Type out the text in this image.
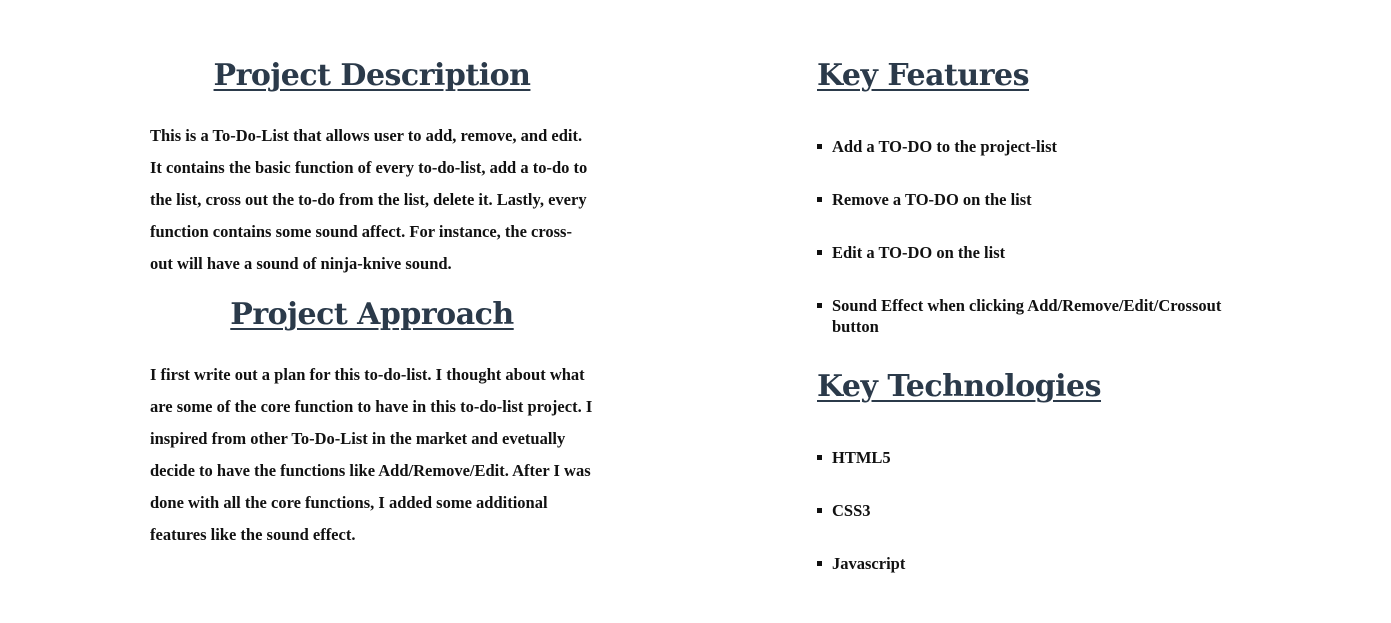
Project Description

This is a To-Do-List that allows user to add, remove, and edit. It contains the basic function of every to-do-list, add a to-do to the list, cross out the to-do from the list, delete it. Lastly, every function contains some sound affect. For instance, the cross-out will have a sound of ninja-knive sound.

Project Approach

I first write out a plan for this to-do-list. I thought about what are some of the core function to have in this to-do-list project. I inspired from other To-Do-List in the market and evetually decide to have the functions like Add/Remove/Edit. After I was done with all the core functions, I added some additional features like the sound effect.

Key Features
Add a TO-DO to the project-list
Remove a TO-DO on the list
Edit a TO-DO on the list
Sound Effect when clicking Add/Remove/Edit/Crossout button
Key Technologies
HTML5
CSS3
Javascript
